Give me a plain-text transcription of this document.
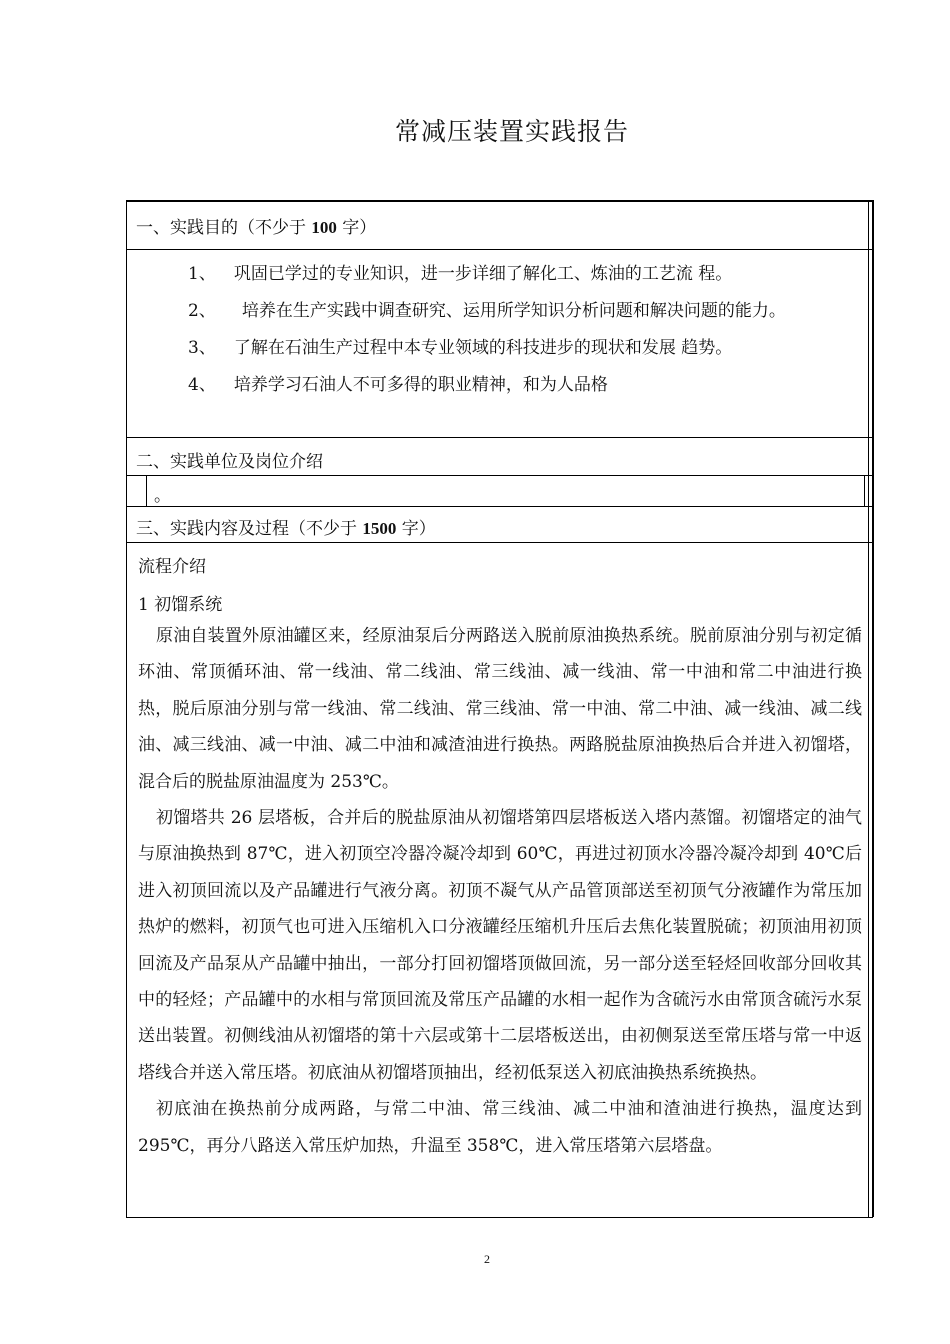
常减压装置实践报告
一、实践目的（不少于 100 字）
1、 巩固已学过的专业知识，进一步详细了解化工、炼油的工艺流 程。
2、 培养在生产实践中调查研究、运用所学知识分析问题和解决问题的能力。
3、 了解在石油生产过程中本专业领域的科技进步的现状和发展 趋势。
4、 培养学习石油人不可多得的职业精神，和为人品格
二、实践单位及岗位介绍
。
三、实践内容及过程（不少于 1500 字）
流程介绍
1 初馏系统

原油自装置外原油罐区来，经原油泵后分两路送入脱前原油换热系统。脱前原油分别与初定循环油、常顶循环油、常一线油、常二线油、常三线油、减一线油、常一中油和常二中油进行换热，脱后原油分别与常一线油、常二线油、常三线油、常一中油、常二中油、减一线油、减二线油、减三线油、减一中油、减二中油和减渣油进行换热。两路脱盐原油换热后合并进入初馏塔，混合后的脱盐原油温度为 253℃。

初馏塔共 26 层塔板，合并后的脱盐原油从初馏塔第四层塔板送入塔内蒸馏。初馏塔定的油气与原油换热到 87℃，进入初顶空冷器冷凝冷却到 60℃，再进过初顶水冷器冷凝冷却到 40℃后进入初顶回流以及产品罐进行气液分离。初顶不凝气从产品管顶部送至初顶气分液罐作为常压加热炉的燃料，初顶气也可进入压缩机入口分液罐经压缩机升压后去焦化装置脱硫；初顶油用初顶回流及产品泵从产品罐中抽出，一部分打回初馏塔顶做回流，另一部分送至轻烃回收部分回收其中的轻烃；产品罐中的水相与常顶回流及常压产品罐的水相一起作为含硫污水由常顶含硫污水泵送出装置。初侧线油从初馏塔的第十六层或第十二层塔板送出，由初侧泵送至常压塔与常一中返塔线合并送入常压塔。初底油从初馏塔顶抽出，经初低泵送入初底油换热系统换热。

初底油在换热前分成两路，与常二中油、常三线油、减二中油和渣油进行换热，温度达到 295℃，再分八路送入常压炉加热，升温至 358℃，进入常压塔第六层塔盘。

2
